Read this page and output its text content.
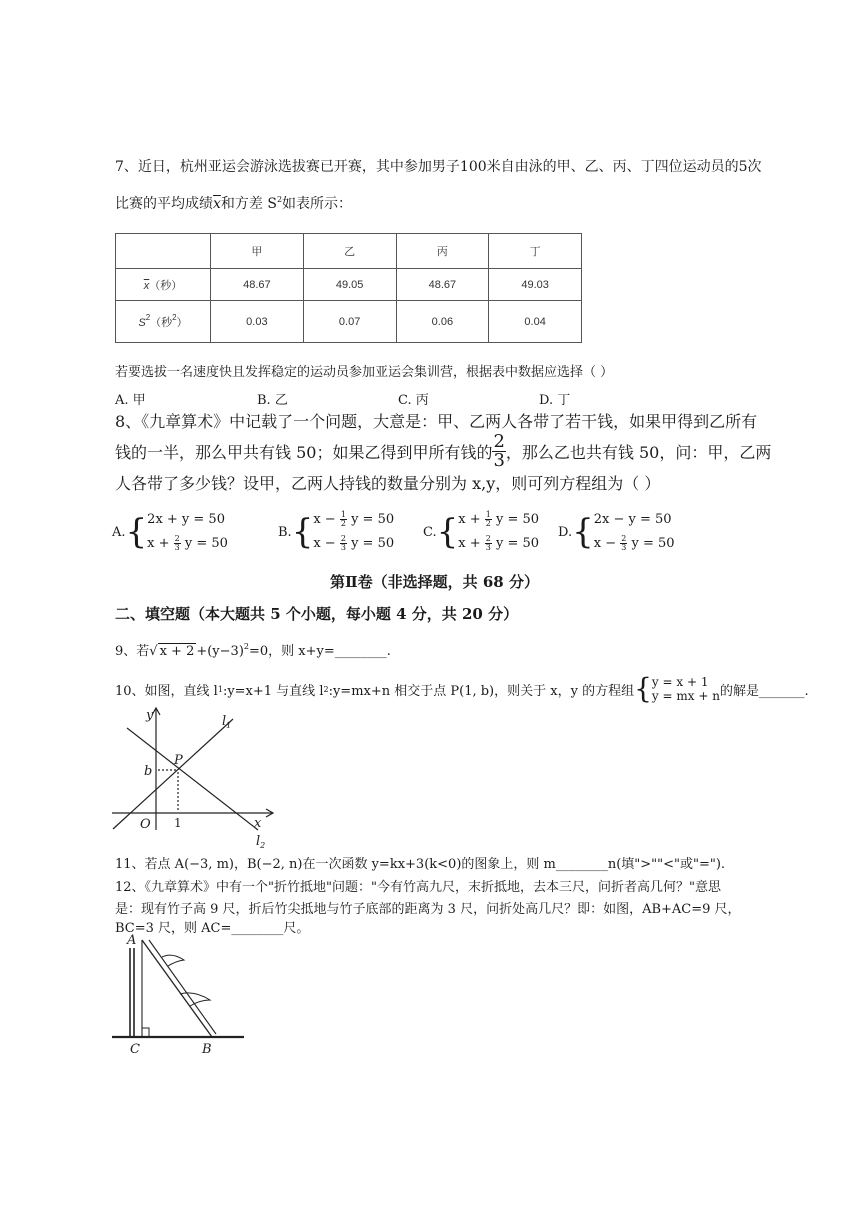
7、近日，杭州亚运会游泳选拔赛已开赛，其中参加男子100米自由泳的甲、乙、丙、丁四位运动员的5次
比赛的平均成绩$\overline{x}$和方差 $S^2$如表所示：
	甲	乙	丙	丁
$\overline{x}$（秒）	48.67	49.05	48.67	49.03
$S^2$（秒$^2$）	0.03	0.07	0.06	0.04
若要选拔一名速度快且发挥稳定的运动员参加亚运会集训营，根据表中数据应选择（ ）
A. 甲	B. 乙	C. 丙	D. 丁
8、《九章算术》中记载了一个问题，大意是：甲、乙两人各带了若干钱，如果甲得到乙所有
钱的一半，那么甲共有钱 50；如果乙得到甲所有钱的 $\frac{2}{3}$ ，那么乙也共有钱 50，问：甲，乙两
人各带了多少钱？设甲，乙两人持钱的数量分别为 x,y，则可列方程组为（ ）
A. { 2x + y = 50
$x + \frac{2}{3}$ y = 50
B. { $x - \frac{1}{2}$ y = 50
$x - \frac{2}{3}$ y = 50
C. { $x + \frac{1}{2}$ y = 50
$x + \frac{2}{3}$ y = 50
D. { 2x − y = 50
$x - \frac{2}{3}$ y = 50
第Ⅱ卷（非选择题，共 68 分）
二、填空题（本大题共 5 个小题，每小题 4 分，共 20 分）
9、若√ $x + 2 +(y-3)^2=0$，则 x+y=________.
10、如图，直线 l 1 :y=x+1 与直线 l 2 :y=mx+n 相交于点 P(1, b)，则关于 x，y 的方程组 { y = x + 1
y = mx + n 的解是_______.
y
x
P
b
O
$l_1$
$l_2$
1
11、若点 A(−3, m)，B(−2, n)在一次函数 y=kx+3(k<0)的图象上，则 m________n(填">""<"或"=").
12、《九章算术》中有一个"折竹抵地"问题："今有竹高九尺，末折抵地，去本三尺，问折者高几何？"意思
是：现有竹子高 9 尺，折后竹尖抵地与竹子底部的距离为 3 尺，问折处高几尺？即：如图，AB+AC=9 尺，
BC=3 尺，则 AC=________尺。
A
C	B
